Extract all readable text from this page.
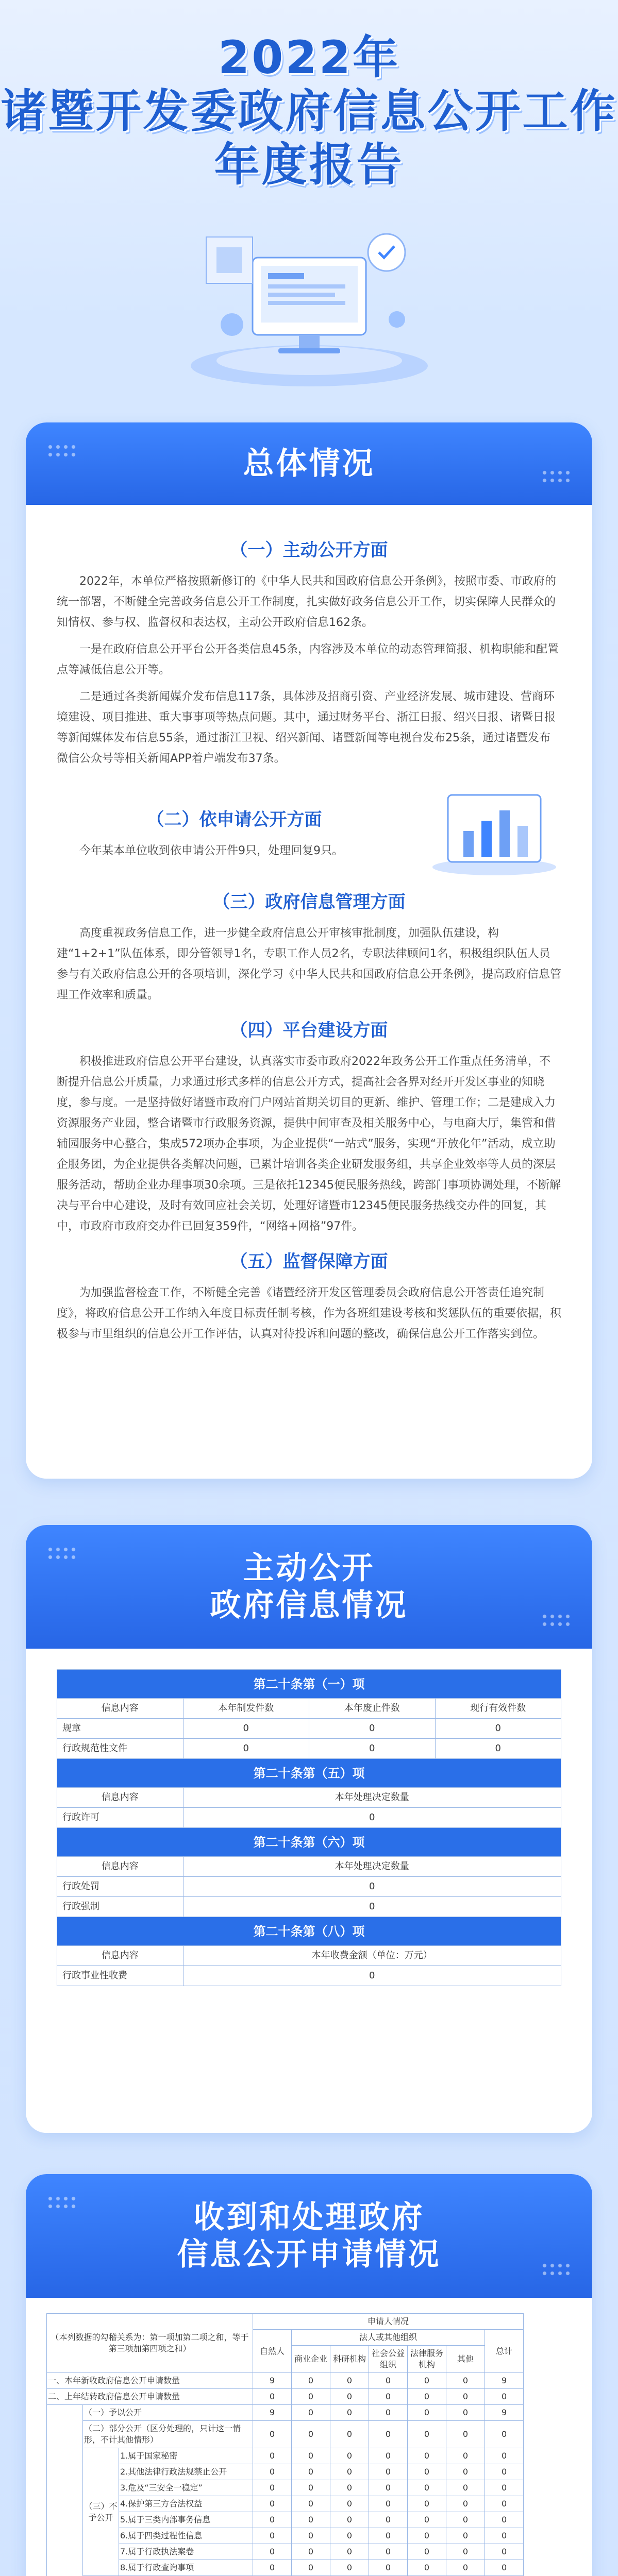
2022年
诸暨开发委政府信息公开工作
年度报告
总体情况
（一）主动公开方面

2022年，本单位严格按照新修订的《中华人民共和国政府信息公开条例》，按照市委、市政府的统一部署，不断健全完善政务信息公开工作制度，扎实做好政务信息公开工作，切实保障人民群众的知情权、参与权、监督权和表达权，主动公开政府信息162条。

一是在政府信息公开平台公开各类信息45条，内容涉及本单位的动态管理简报、机构职能和配置点等减低信息公开等。

二是通过各类新闻媒介发布信息117条，具体涉及招商引资、产业经济发展、城市建设、营商环境建设、项目推进、重大事事项等热点问题。其中，通过财务平台、浙江日报、绍兴日报、诸暨日报等新闻媒体发布信息55条，通过浙江卫视、绍兴新闻、诸暨新闻等电视台发布25条，通过诸暨发布微信公众号等相关新闻APP着户端发布37条。

（二）依申请公开方面

今年某本单位收到依申请公开件9只，处理回复9只。

（三）政府信息管理方面

高度重视政务信息工作，进一步健全政府信息公开审核审批制度，加强队伍建设，构建“1+2+1”队伍体系，即分管领导1名，专职工作人员2名，专职法律顾问1名，积极组织队伍人员参与有关政府信息公开的各项培训，深化学习《中华人民共和国政府信息公开条例》，提高政府信息管理工作效率和质量。

（四）平台建设方面

积极推进政府信息公开平台建设，认真落实市委市政府2022年政务公开工作重点任务清单，不断提升信息公开质量，力求通过形式多样的信息公开方式，提高社会各界对经开开发区事业的知晓度，参与度。一是坚持做好诸暨市政府门户网站首期关切目的更新、维护、管理工作；二是建成入力资源服务产业园，整合诸暨市行政服务资源，提供中间审查及相关服务中心，与电商大厅，集管和借辅园服务中心整合，集成572项办企事项，为企业提供“一站式”服务，实现“开放化年”活动，成立助企服务团，为企业提供各类解决问题，已累计培训各类企业研发服务组，共享企业效率等人员的深层服务活动，帮助企业办理事项30余项。三是依托12345便民服务热线，跨部门事项协调处理，不断解决与平台中心建设，及时有效回应社会关切，处理好诸暨市12345便民服务热线交办件的回复，其中，市政府市政府交办件已回复359件，“网络+网格”97件。

（五）监督保障方面

为加强监督检查工作，不断健全完善《诸暨经济开发区管理委员会政府信息公开答责任追究制度》，将政府信息公开工作纳入年度目标责任制考核，作为各班组建设考核和奖惩队伍的重要依据，积极参与市里组织的信息公开工作评估，认真对待投诉和问题的整改，确保信息公开工作落实到位。

主动公开
政府信息情况
第二十条第（一）项			
信息内容	本年制发件数	本年废止件数	现行有效件数
规章	0	0	0
行政规范性文件	0	0	0
第二十条第（五）项			
信息内容	本年处理决定数量		
行政许可	0		
第二十条第（六）项			
信息内容	本年处理决定数量		
行政处罚	0		
行政强制	0		
第二十条第（八）项			
信息内容	本年收费金额（单位：万元）		
行政事业性收费	0		
收到和处理政府
信息公开申请情况
（本列数据的勾稽关系为：第一项加第二项之和，等于第三项加第四项之和）			申请人情况							
			自然人	法人或其他组织					总计	
				商业企业	科研机构	社会公益组织	法律服务机构	其他		
一、本年新收政府信息公开申请数量			9	0	0	0	0	0	9	
二、上年结转政府信息公开申请数量			0	0	0	0	0	0	0	
	（一）予以公开		9	0	0	0	0	0	9	
	（二）部分公开（区分处理的，只计这一情形，不计其他情形）		0	0	0	0	0	0	0	
	（三）不予公开	1.属于国家秘密	0	0	0	0	0	0	0	
		2.其他法律行政法规禁止公开	0	0	0	0	0	0	0	
		3.危及“三安全一稳定”	0	0	0	0	0	0	0	
		4.保护第三方合法权益	0	0	0	0	0	0	0	
		5.属于三类内部事务信息	0	0	0	0	0	0	0	
		6.属于四类过程性信息	0	0	0	0	0	0	0	
		7.属于行政执法案卷	0	0	0	0	0	0	0	
		8.属于行政查询事项	0	0	0	0	0	0	0	
